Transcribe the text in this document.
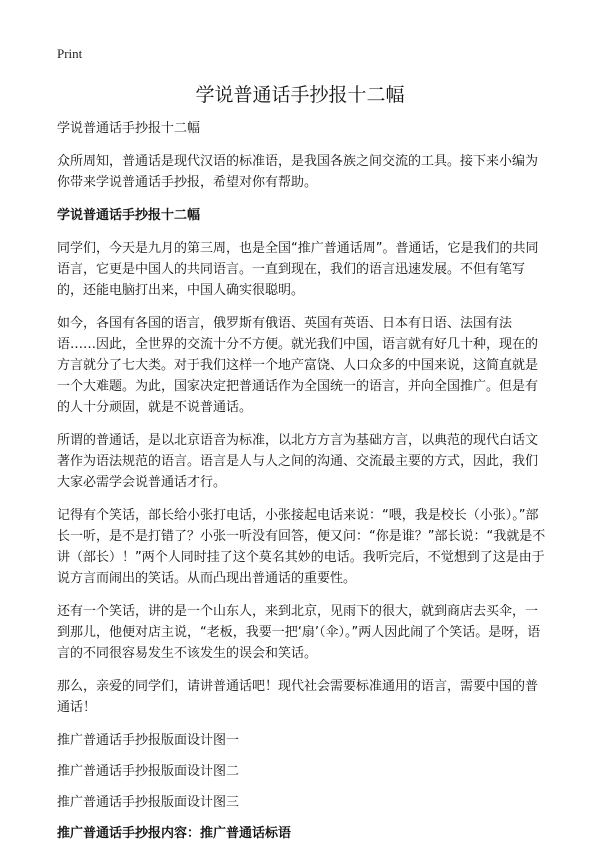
Print
学说普通话手抄报十二幅

学说普通话手抄报十二幅

众所周知，普通话是现代汉语的标准语，是我国各族之间交流的工具。接下来小编为你带来学说普通话手抄报，希望对你有帮助。

学说普通话手抄报十二幅

同学们，今天是九月的第三周，也是全国“推广普通话周”。普通话，它是我们的共同语言，它更是中国人的共同语言。一直到现在，我们的语言迅速发展。不但有笔写的，还能电脑打出来，中国人确实很聪明。

如今，各国有各国的语言，俄罗斯有俄语、英国有英语、日本有日语、法国有法语……因此，全世界的交流十分不方便。就光我们中国，语言就有好几十种，现在的方言就分了七大类。对于我们这样一个地产富饶、人口众多的中国来说，这简直就是一个大难题。为此，国家决定把普通话作为全国统一的语言，并向全国推广。但是有的人十分顽固，就是不说普通话。

所谓的普通话，是以北京语音为标准，以北方方言为基础方言，以典范的现代白话文著作为语法规范的语言。语言是人与人之间的沟通、交流最主要的方式，因此，我们大家必需学会说普通话才行。

记得有个笑话，部长给小张打电话，小张接起电话来说：“喂，我是校长（小张）。”部长一听，是不是打错了？小张一听没有回答，便又问：“你是谁？”部长说：“我就是不讲（部长）！”两个人同时挂了这个莫名其妙的电话。我听完后，不觉想到了这是由于说方言而闹出的笑话。从而凸现出普通话的重要性。

还有一个笑话，讲的是一个山东人，来到北京，见雨下的很大，就到商店去买伞，一到那儿，他便对店主说，“老板，我要一把‘扇’（伞）。”两人因此闹了个笑话。是呀，语言的不同很容易发生不该发生的误会和笑话。

那么，亲爱的同学们，请讲普通话吧！现代社会需要标准通用的语言，需要中国的普通话！

推广普通话手抄报版面设计图一

推广普通话手抄报版面设计图二

推广普通话手抄报版面设计图三

推广普通话手抄报内容：推广普通话标语
